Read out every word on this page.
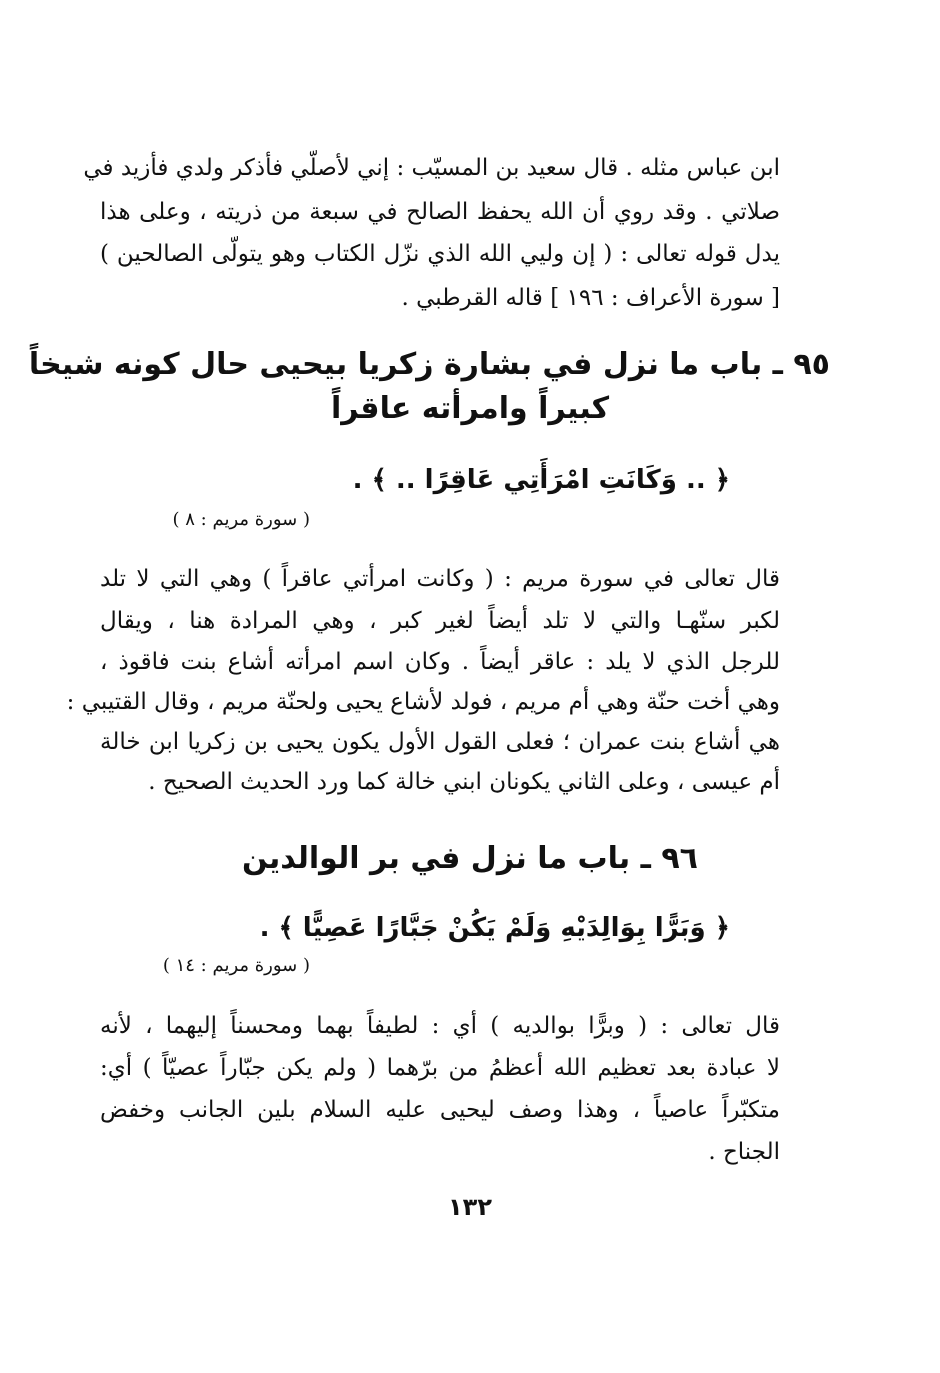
ابن عباس مثله . قال سعيد بن المسيّب : إني لأصلّي فأذكر ولدي فأزيد في
صلاتي . وقد روي أن الله يحفظ الصالح في سبعة من ذريته ، وعلى هذا
يدل قوله تعالى : ( إن وليي الله الذي نزّل الكتاب وهو يتولّى الصالحين )
[ سورة الأعراف : ١٩٦ ] قاله القرطبي .
٩٥ ـ باب ما نزل في بشارة زكريا بيحيى حال كونه شيخاً
كبيراً وامرأته عاقراً
﴿ .. وَكَانَتِ امْرَأَتِي عَاقِرًا .. ﴾ .
( سورة مريم : ٨ )
قال تعالى في سورة مريم : ( وكانت امرأتي عاقراً ) وهي التي لا تلد
لكبر سنّهـا والتي لا تلد أيضاً لغير كبر ، وهي المرادة هنا ، ويقال
للرجل الذي لا يلد : عاقر أيضاً . وكان اسم امرأته أشاع بنت فاقوذ ،
وهي أخت حنّة وهي أم مريم ، فولد لأشاع يحيى ولحنّة مريم ، وقال القتيبي :
هي أشاع بنت عمران ؛ فعلى القول الأول يكون يحيى بن زكريا ابن خالة
أم عيسى ، وعلى الثاني يكونان ابني خالة كما ورد الحديث الصحيح .
٩٦ ـ باب ما نزل في بر الوالدين
﴿ وَبَرًّا بِوَالِدَيْهِ وَلَمْ يَكُنْ جَبَّارًا عَصِيًّا ﴾ .
( سورة مريم : ١٤ )
قال تعالى : ( وبرًّا بوالديه ) أي : لطيفاً بهما ومحسناً إليهما ، لأنه
لا عبادة بعد تعظيم الله أعظمُ من برّهما ( ولم يكن جبّاراً عصيّاً ) أي:
متكبّراً عاصياً ، وهذا وصف ليحيى عليه السلام بلين الجانب وخفض
الجناح .
١٣٢
